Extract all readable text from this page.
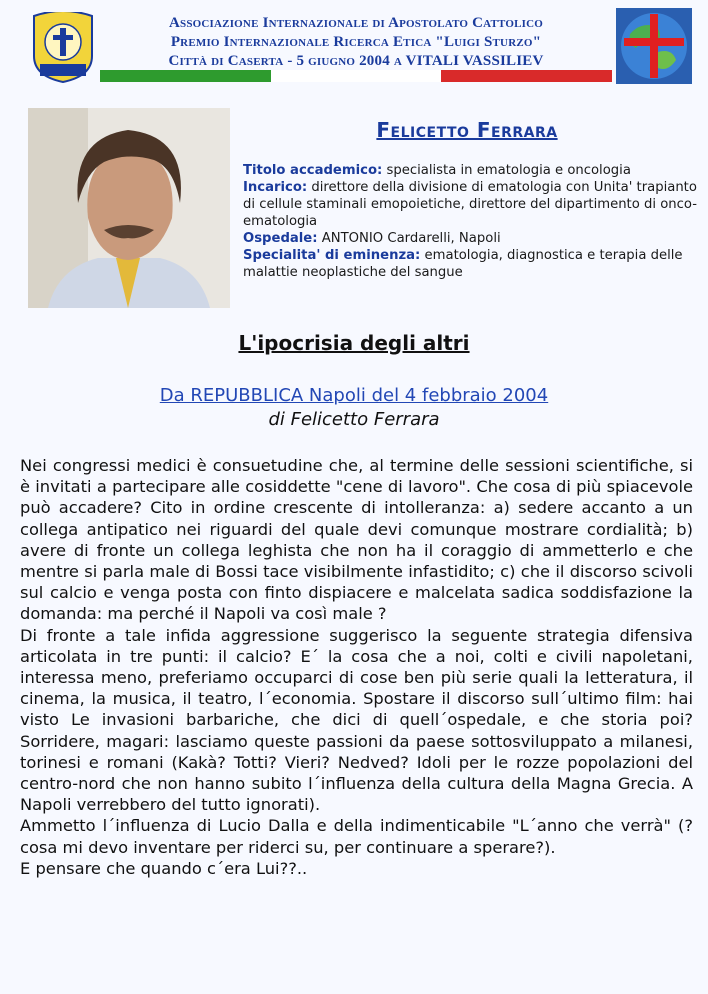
Associazione Internazionale di Apostolato Cattolico
Premio Internazionale Ricerca Etica "Luigi Sturzo"
Città di Caserta - 5 giugno 2004 a VITALI VASSILIEV
Felicetto Ferrara

Titolo accademico: specialista in ematologia e oncologia

Incarico: direttore della divisione di ematologia con Unita' trapianto di cellule staminali emopoietiche, direttore del dipartimento di onco-ematologia

Ospedale: ANTONIO Cardarelli, Napoli

Specialita' di eminenza: ematologia, diagnostica e terapia delle malattie neoplastiche del sangue

L'ipocrisia degli altri
Da REPUBBLICA Napoli del 4 febbraio 2004
di Felicetto Ferrara

Nei congressi medici è consuetudine che, al termine delle sessioni scientifiche, si è invitati a partecipare alle cosiddette "cene di lavoro". Che cosa di più spiacevole può accadere? Cito in ordine crescente di intolleranza: a) sedere accanto a un collega antipatico nei riguardi del quale devi comunque mostrare cordialità; b) avere di fronte un collega leghista che non ha il coraggio di ammetterlo e che mentre si parla male di Bossi tace visibilmente infastidito; c) che il discorso scivoli sul calcio e venga posta con finto dispiacere e malcelata sadica soddisfazione la domanda: ma perché il Napoli va così male ?

Di fronte a tale infida aggressione suggerisco la seguente strategia difensiva articolata in tre punti: il calcio? E´ la cosa che a noi, colti e civili napoletani, interessa meno, preferiamo occuparci di cose ben più serie quali la letteratura, il cinema, la musica, il teatro, l´economia. Spostare il discorso sull´ultimo film: hai visto Le invasioni barbariche, che dici di quell´ospedale, e che storia poi? Sorridere, magari: lasciamo queste passioni da paese sottosviluppato a milanesi, torinesi e romani (Kakà? Totti? Vieri? Nedved? Idoli per le rozze popolazioni del centro-nord che non hanno subito l´influenza della cultura della Magna Grecia. A Napoli verrebbero del tutto ignorati).

Ammetto l´influenza di Lucio Dalla e della indimenticabile "L´anno che verrà" (?cosa mi devo inventare per riderci su, per continuare a sperare?).

E pensare che quando c´era Lui??..
